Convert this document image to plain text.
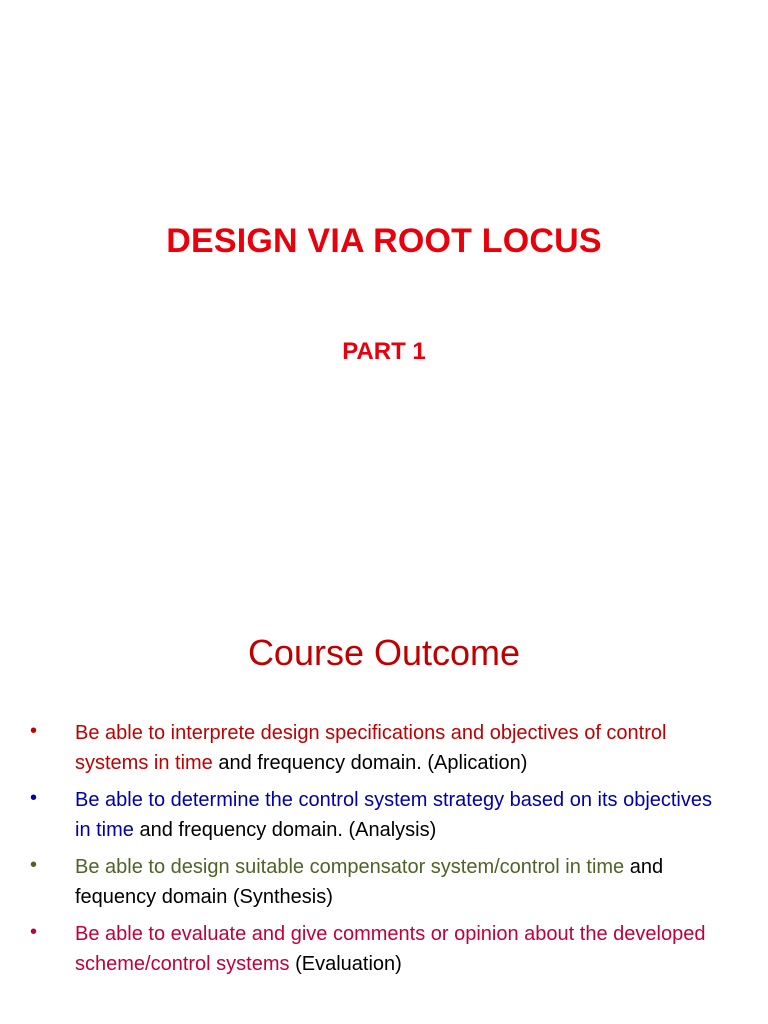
DESIGN VIA ROOT LOCUS
PART 1
Course Outcome
•	Be able to interprete design specifications and objectives of control systems in time and frequency domain. (Aplication)
•	Be able to determine the control system strategy based on its objectives in time and frequency domain. (Analysis)
•	Be able to design suitable compensator system/control in time and fequency domain (Synthesis)
•	Be able to evaluate and give comments or opinion about the developed scheme/control systems (Evaluation)
